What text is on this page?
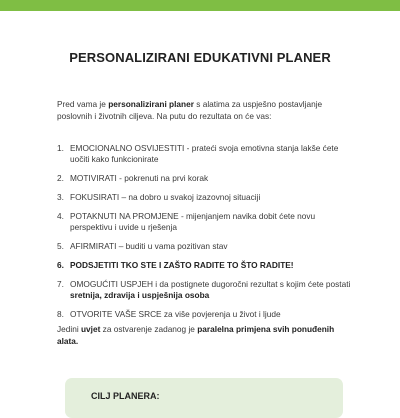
PERSONALIZIRANI EDUKATIVNI PLANER
Pred vama je personalizirani planer s alatima za uspješno postavljanje poslovnih i životnih ciljeva. Na putu do rezultata on će vas:
1. EMOCIONALNO OSVIJESTITI - prateći svoja emotivna stanja lakše ćete uočiti kako funkcionirate
2. MOTIVIRATI - pokrenuti na prvi korak
3. FOKUSIRATI – na dobro u svakoj izazovnoj situaciji
4. POTAKNUTI NA PROMJENE - mijenjanjem navika dobit ćete novu perspektivu i uvide u rješenja
5. AFIRMIRATI – buditi u vama pozitivan stav
6. PODSJETITI TKO STE I ZAŠTO RADITE TO ŠTO RADITE!
7. OMOGUĆITI USPJEH i da postignete dugoročni rezultat s kojim ćete postati sretnija, zdravija i uspješnija osoba
8. OTVORITE VAŠE SRCE za više povjerenja u život i ljude
Jedini uvjet za ostvarenje zadanog je paralelna primjena svih ponuđenih alata.
CILJ PLANERA:
